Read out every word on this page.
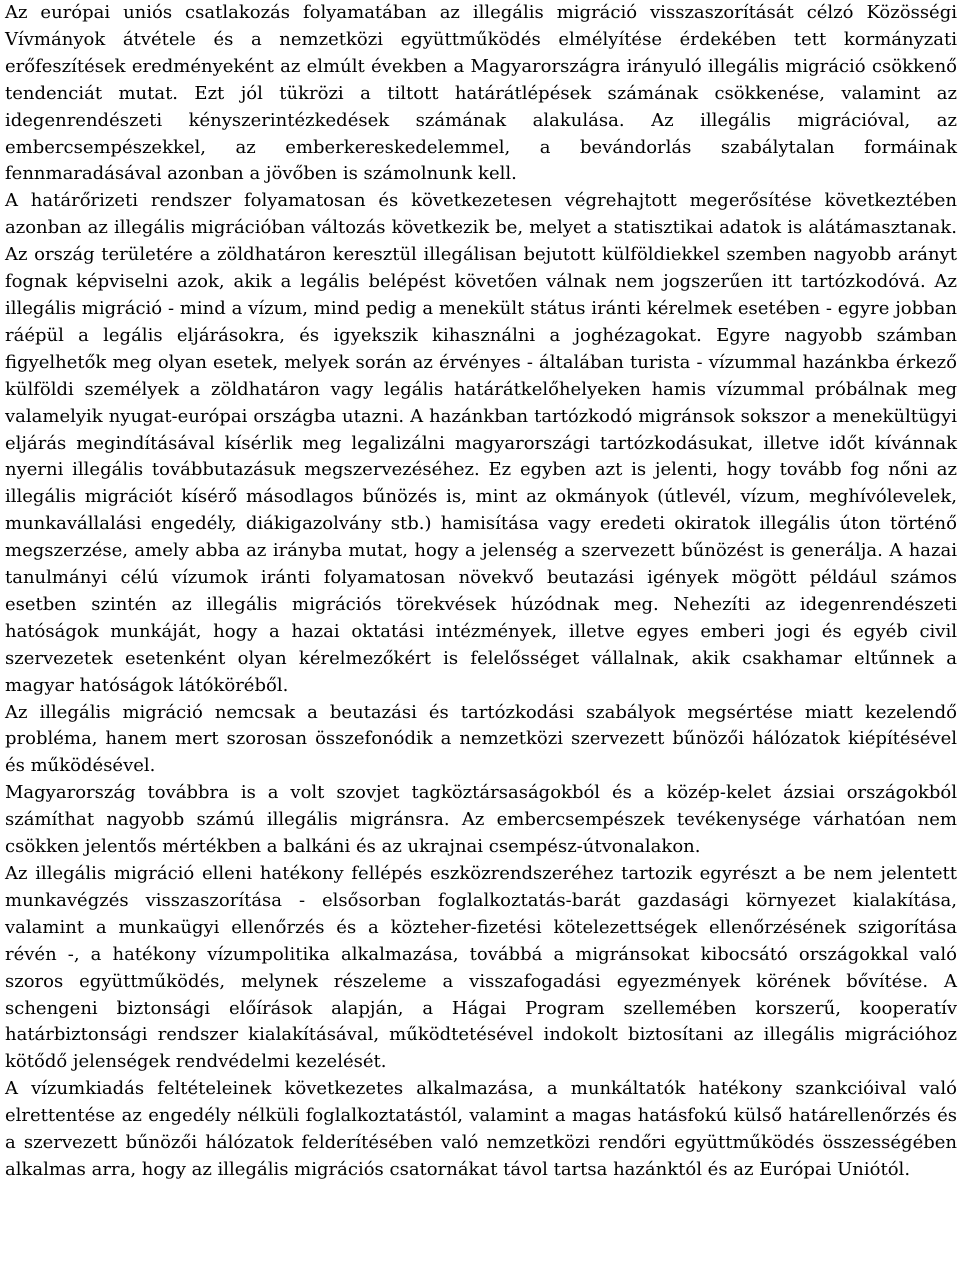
Az európai uniós csatlakozás folyamatában az illegális migráció visszaszorítását célzó Közösségi Vívmányok átvétele és a nemzetközi együttműködés elmélyítése érdekében tett kormányzati erőfeszítések eredményeként az elmúlt években a Magyarországra irányuló illegális migráció csökkenő tendenciát mutat. Ezt jól tükrözi a tiltott határátlépések számának csökkenése, valamint az idegenrendészeti kényszerintézkedések számának alakulása. Az illegális migrációval, az embercsempészekkel, az emberkereskedelemmel, a bevándorlás szabálytalan formáinak fennmaradásával azonban a jövőben is számolnunk kell.

A határőrizeti rendszer folyamatosan és következetesen végrehajtott megerősítése következtében azonban az illegális migrációban változás következik be, melyet a statisztikai adatok is alátámasztanak. Az ország területére a zöldhatáron keresztül illegálisan bejutott külföldiekkel szemben nagyobb arányt fognak képviselni azok, akik a legális belépést követően válnak nem jogszerűen itt tartózkodóvá. Az illegális migráció - mind a vízum, mind pedig a menekült státus iránti kérelmek esetében - egyre jobban ráépül a legális eljárásokra, és igyekszik kihasználni a joghézagokat. Egyre nagyobb számban figyelhetők meg olyan esetek, melyek során az érvényes - általában turista - vízummal hazánkba érkező külföldi személyek a zöldhatáron vagy legális határátkelőhelyeken hamis vízummal próbálnak meg valamelyik nyugat-európai országba utazni. A hazánkban tartózkodó migránsok sokszor a menekültügyi eljárás megindításával kísérlik meg legalizálni magyarországi tartózkodásukat, illetve időt kívánnak nyerni illegális továbbutazásuk megszervezéséhez. Ez egyben azt is jelenti, hogy tovább fog nőni az illegális migrációt kísérő másodlagos bűnözés is, mint az okmányok (útlevél, vízum, meghívólevelek, munkavállalási engedély, diákigazolvány stb.) hamisítása vagy eredeti okiratok illegális úton történő megszerzése, amely abba az irányba mutat, hogy a jelenség a szervezett bűnözést is generálja. A hazai tanulmányi célú vízumok iránti folyamatosan növekvő beutazási igények mögött például számos esetben szintén az illegális migrációs törekvések húzódnak meg. Nehezíti az idegenrendészeti hatóságok munkáját, hogy a hazai oktatási intézmények, illetve egyes emberi jogi és egyéb civil szervezetek esetenként olyan kérelmezőkért is felelősséget vállalnak, akik csakhamar eltűnnek a magyar hatóságok látóköréből.

Az illegális migráció nemcsak a beutazási és tartózkodási szabályok megsértése miatt kezelendő probléma, hanem mert szorosan összefonódik a nemzetközi szervezett bűnözői hálózatok kiépítésével és működésével.

Magyarország továbbra is a volt szovjet tagköztársaságokból és a közép-kelet ázsiai országokból számíthat nagyobb számú illegális migránsra. Az embercsempészek tevékenysége várhatóan nem csökken jelentős mértékben a balkáni és az ukrajnai csempész-útvonalakon.

Az illegális migráció elleni hatékony fellépés eszközrendszeréhez tartozik egyrészt a be nem jelentett munkavégzés visszaszorítása - elsősorban foglalkoztatás-barát gazdasági környezet kialakítása, valamint a munkaügyi ellenőrzés és a közteher-fizetési kötelezettségek ellenőrzésének szigorítása révén -, a hatékony vízumpolitika alkalmazása, továbbá a migránsokat kibocsátó országokkal való szoros együttműködés, melynek részeleme a visszafogadási egyezmények körének bővítése. A schengeni biztonsági előírások alapján, a Hágai Program szellemében korszerű, kooperatív határbiztonsági rendszer kialakításával, működtetésével indokolt biztosítani az illegális migrációhoz kötődő jelenségek rendvédelmi kezelését.

A vízumkiadás feltételeinek következetes alkalmazása, a munkáltatók hatékony szankcióival való elrettentése az engedély nélküli foglalkoztatástól, valamint a magas hatásfokú külső határellenőrzés és a szervezett bűnözői hálózatok felderítésében való nemzetközi rendőri együttműködés összességében alkalmas arra, hogy az illegális migrációs csatornákat távol tartsa hazánktól és az Európai Uniótól.
